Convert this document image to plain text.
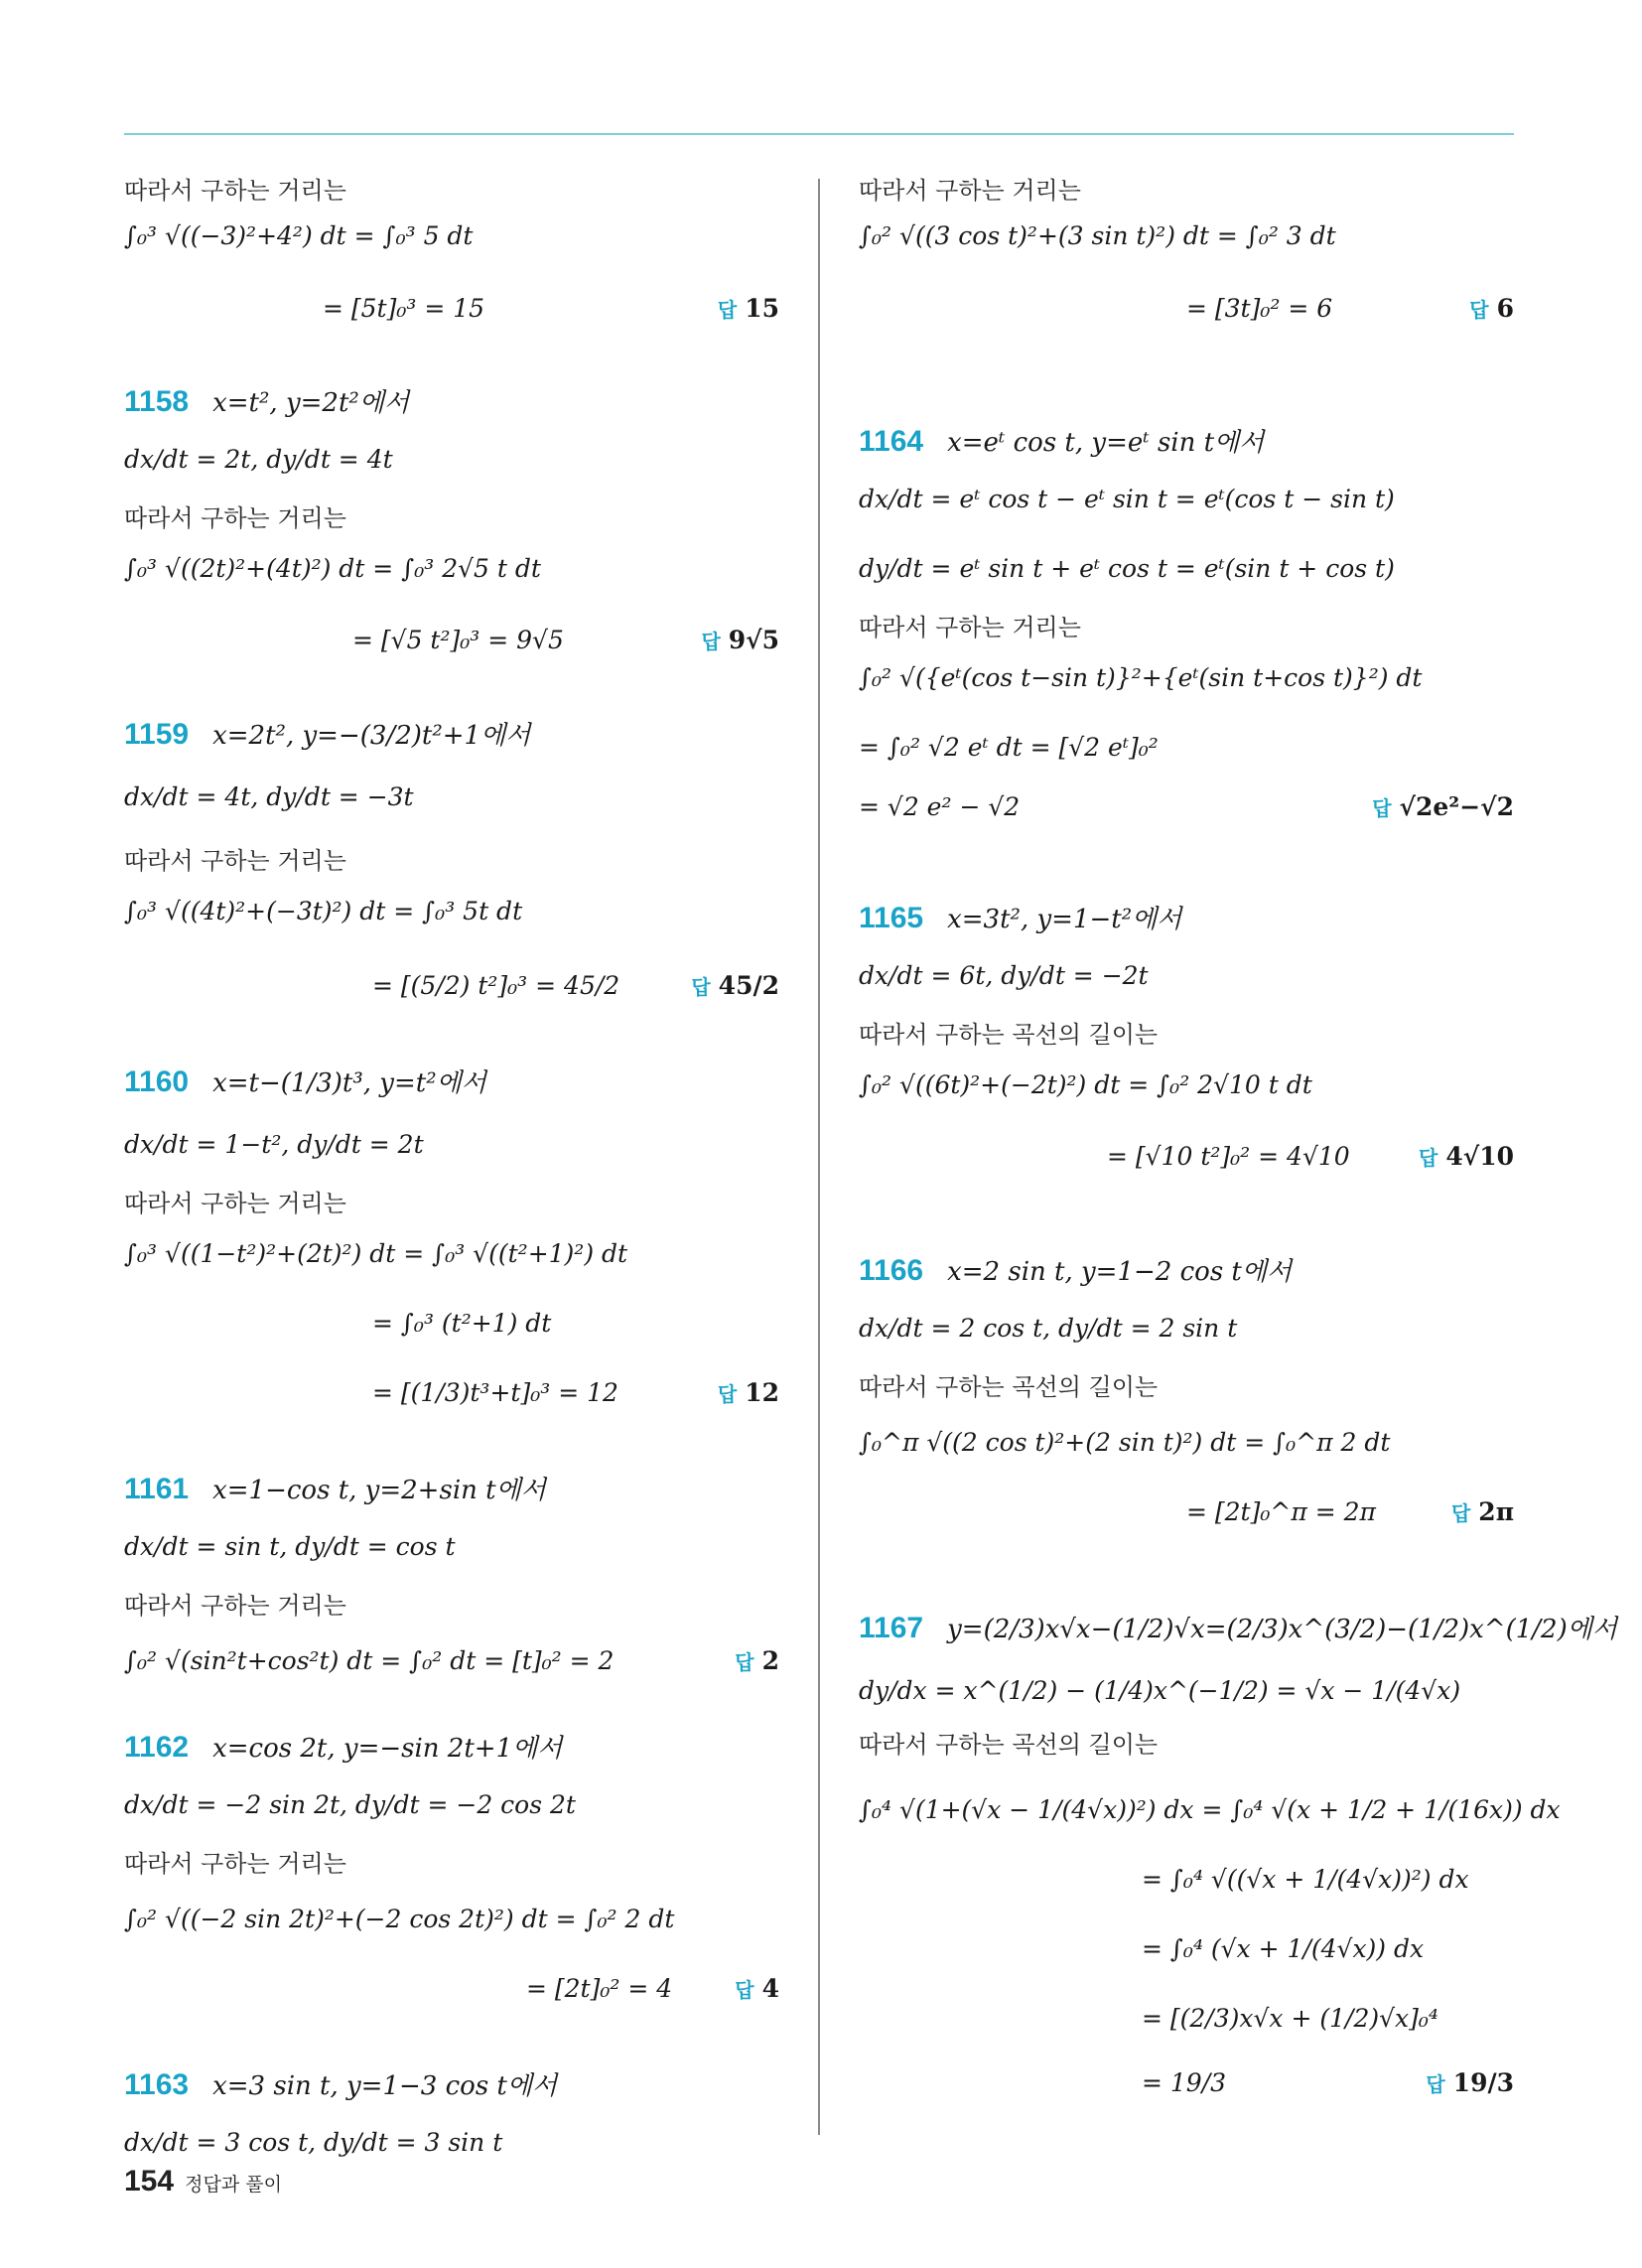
따라서 구하는 거리는
∫₀³ √((−3)²+4²) dt = ∫₀³ 5 dt
= [5t]₀³ = 15	답 15
1158 x=t², y=2t²에서
dx/dt = 2t, dy/dt = 4t
따라서 구하는 거리는
∫₀³ √((2t)²+(4t)²) dt = ∫₀³ 2√5 t dt
= [√5 t²]₀³ = 9√5	답 9√5
1159 x=2t², y=−(3/2)t²+1에서
dx/dt = 4t, dy/dt = −3t
따라서 구하는 거리는
∫₀³ √((4t)²+(−3t)²) dt = ∫₀³ 5t dt
= [(5/2) t²]₀³ = 45/2	답 45/2
1160 x=t−(1/3)t³, y=t²에서
dx/dt = 1−t², dy/dt = 2t
따라서 구하는 거리는
∫₀³ √((1−t²)²+(2t)²) dt = ∫₀³ √((t²+1)²) dt
= ∫₀³ (t²+1) dt
= [(1/3)t³+t]₀³ = 12	답 12
1161 x=1−cos t, y=2+sin t에서
dx/dt = sin t, dy/dt = cos t
따라서 구하는 거리는
∫₀² √(sin²t+cos²t) dt = ∫₀² dt = [t]₀² = 2	답 2
1162 x=cos 2t, y=−sin 2t+1에서
dx/dt = −2 sin 2t, dy/dt = −2 cos 2t
따라서 구하는 거리는
∫₀² √((−2 sin 2t)²+(−2 cos 2t)²) dt = ∫₀² 2 dt
= [2t]₀² = 4	답 4
1163 x=3 sin t, y=1−3 cos t에서
dx/dt = 3 cos t, dy/dt = 3 sin t
따라서 구하는 거리는
∫₀² √((3 cos t)²+(3 sin t)²) dt = ∫₀² 3 dt
= [3t]₀² = 6	답 6
1164 x=eᵗ cos t, y=eᵗ sin t에서
dx/dt = eᵗ cos t − eᵗ sin t = eᵗ(cos t − sin t)
dy/dt = eᵗ sin t + eᵗ cos t = eᵗ(sin t + cos t)
따라서 구하는 거리는
∫₀² √({eᵗ(cos t−sin t)}²+{eᵗ(sin t+cos t)}²) dt
= ∫₀² √2 eᵗ dt = [√2 eᵗ]₀²
= √2 e² − √2	답 √2e²−√2
1165 x=3t², y=1−t²에서
dx/dt = 6t, dy/dt = −2t
따라서 구하는 곡선의 길이는
∫₀² √((6t)²+(−2t)²) dt = ∫₀² 2√10 t dt
= [√10 t²]₀² = 4√10	답 4√10
1166 x=2 sin t, y=1−2 cos t에서
dx/dt = 2 cos t, dy/dt = 2 sin t
따라서 구하는 곡선의 길이는
∫₀^π √((2 cos t)²+(2 sin t)²) dt = ∫₀^π 2 dt
= [2t]₀^π = 2π	답 2π
1167 y=(2/3)x√x−(1/2)√x=(2/3)x^(3/2)−(1/2)x^(1/2)에서
dy/dx = x^(1/2) − (1/4)x^(−1/2) = √x − 1/(4√x)
따라서 구하는 곡선의 길이는
∫₀⁴ √(1+(√x − 1/(4√x))²) dx = ∫₀⁴ √(x + 1/2 + 1/(16x)) dx
= ∫₀⁴ √((√x + 1/(4√x))²) dx
= ∫₀⁴ (√x + 1/(4√x)) dx
= [(2/3)x√x + (1/2)√x]₀⁴
= 19/3	답 19/3
154 정답과 풀이
